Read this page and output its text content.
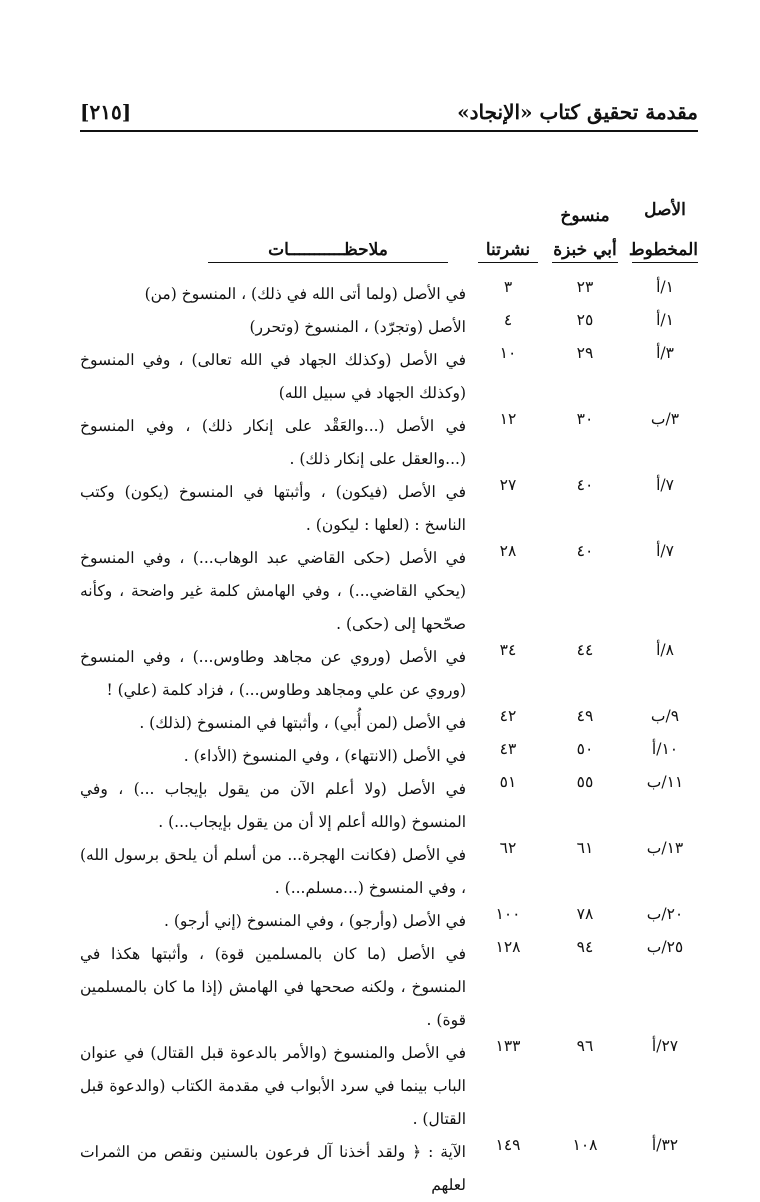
مقدمة تحقيق كتاب «الإنجاد»
[٢١٥]
الأصل
المخطوط
منسوخ
أبي خبزة
نشرتنا
ملاحظـــــــــــات
١/أ
٢٣
٣
في الأصل (ولما أتى الله في ذلك) ، المنسوخ (من)
١/أ
٢٥
٤
الأصل (وتجرّد) ، المنسوخ (وتحرر)
٣/أ
٢٩
١٠
في الأصل (وكذلك الجهاد في الله تعالى) ، وفي المنسوخ (وكذلك الجهاد في سبيل الله)
٣/ب
٣٠
١٢
في الأصل (...والعَقْد على إنكار ذلك) ، وفي المنسوخ (...والعقل على إنكار ذلك) .
٧/أ
٤٠
٢٧
في الأصل (فيكون) ، وأثبتها في المنسوخ (يكون) وكتب الناسخ : (لعلها : ليكون) .
٧/أ
٤٠
٢٨
في الأصل (حكى القاضي عبد الوهاب...) ، وفي المنسوخ (يحكي القاضي...) ، وفي الهامش كلمة غير واضحة ، وكأنه صحّحها إلى (حكى) .
٨/أ
٤٤
٣٤
في الأصل (وروي عن مجاهد وطاوس...) ، وفي المنسوخ (وروي عن علي ومجاهد وطاوس...) ، فزاد كلمة (علي) !
٩/ب
٤٩
٤٢
في الأصل (لمن أُبي) ، وأثبتها في المنسوخ (لذلك) .
١٠/أ
٥٠
٤٣
في الأصل (الانتهاء) ، وفي المنسوخ (الأداء) .
١١/ب
٥٥
٥١
في الأصل (ولا أعلم الآن من يقول بإيجاب ...) ، وفي المنسوخ (والله أعلم إلا أن من يقول بإيجاب...) .
١٣/ب
٦١
٦٢
في الأصل (فكانت الهجرة... من أسلم أن يلحق برسول الله) ، وفي المنسوخ (...مسلم...) .
٢٠/ب
٧٨
١٠٠
في الأصل (وأرجو) ، وفي المنسوخ (إني أرجو) .
٢٥/ب
٩٤
١٢٨
في الأصل (ما كان بالمسلمين قوة) ، وأثبتها هكذا في المنسوخ ، ولكنه صححها في الهامش (إذا ما كان بالمسلمين قوة) .
٢٧/أ
٩٦
١٣٣
في الأصل والمنسوخ (والأمر بالدعوة قبل القتال) في عنوان الباب بينما في سرد الأبواب في مقدمة الكتاب (والدعوة قبل القتال) .
٣٢/أ
١٠٨
١٤٩
الآية : ﴿ ولقد أخذنا آل فرعون بالسنين ونقص من الثمرات لعلهم
